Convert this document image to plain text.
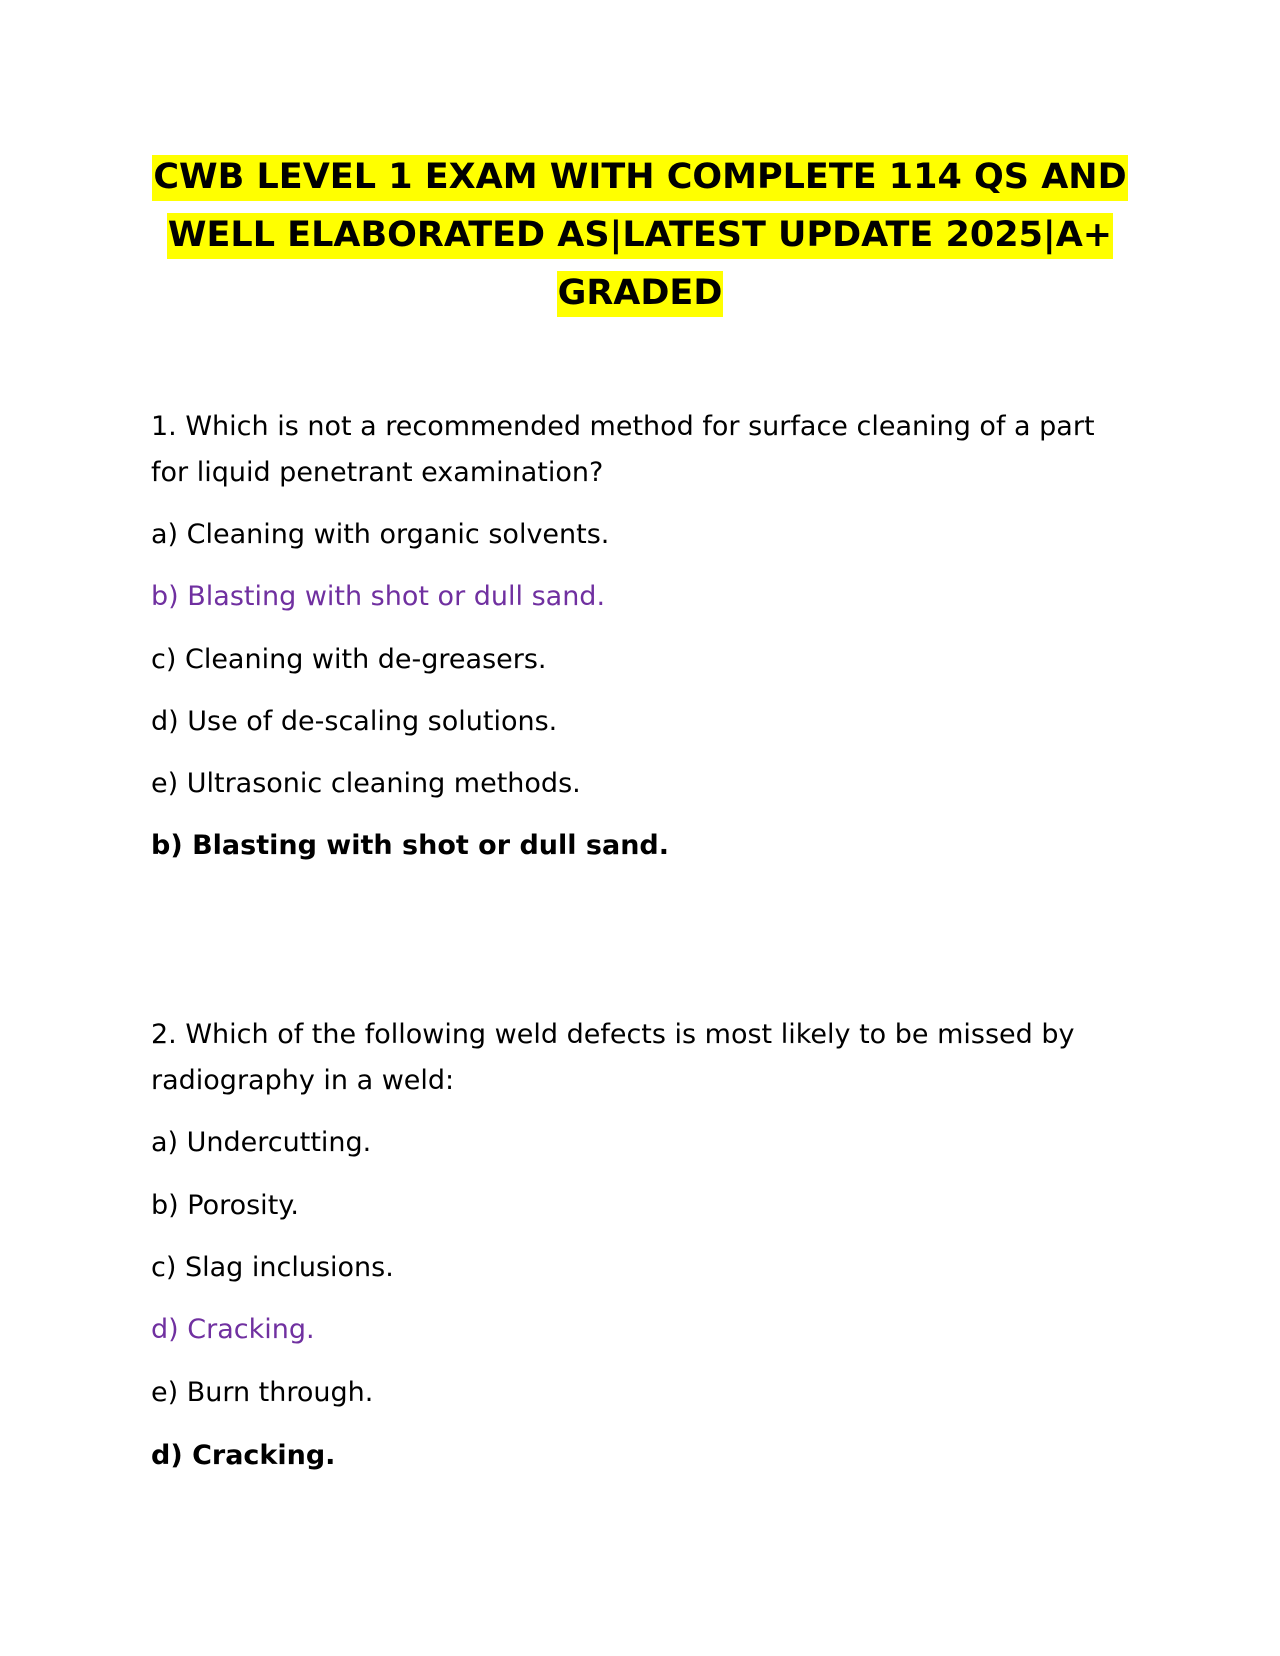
CWB LEVEL 1 EXAM WITH COMPLETE 114 QS AND
WELL ELABORATED AS|LATEST UPDATE 2025|A+
GRADED

1. Which is not a recommended method for surface cleaning of a part for liquid penetrant examination?

a) Cleaning with organic solvents.

b) Blasting with shot or dull sand.

c) Cleaning with de-greasers.

d) Use of de-scaling solutions.

e) Ultrasonic cleaning methods.

b) Blasting with shot or dull sand.

2. Which of the following weld defects is most likely to be missed by radiography in a weld:

a) Undercutting.

b) Porosity.

c) Slag inclusions.

d) Cracking.

e) Burn through.

d) Cracking.
